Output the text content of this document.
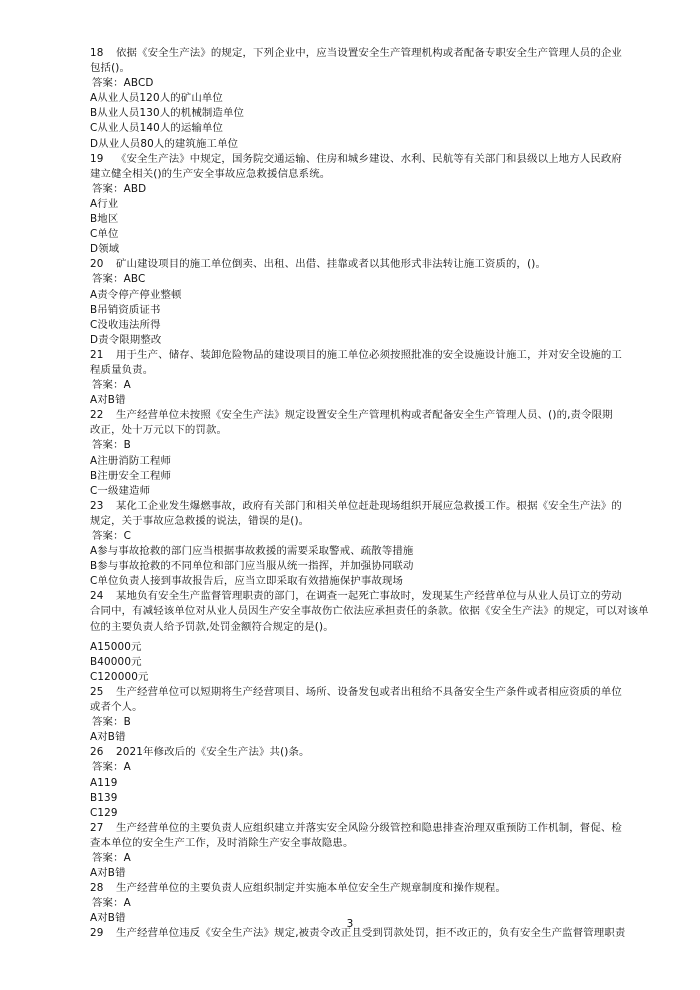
18 依据《安全生产法》的规定，下列企业中，应当设置安全生产管理机构或者配备专职安全生产管理人员的企业
包括()。
答案：ABCD
A从业人员120人的矿山单位
B从业人员130人的机械制造单位
C从业人员140人的运输单位
D从业人员80人的建筑施工单位
19 《安全生产法》中规定，国务院交通运输、住房和城乡建设、水利、民航等有关部门和县级以上地方人民政府
建立健全相关()的生产安全事故应急救援信息系统。
答案：ABD
A行业
B地区
C单位
D领域
20 矿山建设项目的施工单位倒卖、出租、出借、挂靠或者以其他形式非法转让施工资质的，()。
答案：ABC
A责令停产停业整顿
B吊销资质证书
C没收违法所得
D责令限期整改
21 用于生产、储存、装卸危险物品的建设项目的施工单位必须按照批准的安全设施设计施工，并对安全设施的工
程质量负责。
答案：A
A对B错
22 生产经营单位未按照《安全生产法》规定设置安全生产管理机构或者配备安全生产管理人员、()的,责令限期
改正，处十万元以下的罚款。
答案：B
A注册消防工程师
B注册安全工程师
C一级建造师
23 某化工企业发生爆燃事故，政府有关部门和相关单位赶赴现场组织开展应急救援工作。根据《安全生产法》的
规定，关于事故应急救援的说法，错误的是()。
答案：C
A参与事故抢救的部门应当根据事故救援的需要采取警戒、疏散等措施
B参与事故抢救的不同单位和部门应当服从统一指挥，并加强协同联动
C单位负责人接到事故报告后，应当立即采取有效措施保护事故现场
24 某地负有安全生产监督管理职责的部门，在调查一起死亡事故时，发现某生产经营单位与从业人员订立的劳动
合同中，有减轻该单位对从业人员因生产安全事故伤亡依法应承担责任的条款。依据《安全生产法》的规定，可以对该单
位的主要负责人给予罚款,处罚金额符合规定的是()。
A15000元
B40000元
C120000元
25 生产经营单位可以短期将生产经营项目、场所、设备发包或者出租给不具备安全生产条件或者相应资质的单位
或者个人。
答案：B
A对B错
26 2021年修改后的《安全生产法》共()条。
答案：A
A119
B139
C129
27 生产经营单位的主要负责人应组织建立并落实安全风险分级管控和隐患排查治理双重预防工作机制，督促、检
查本单位的安全生产工作，及时消除生产安全事故隐患。
答案：A
A对B错
28 生产经营单位的主要负责人应组织制定并实施本单位安全生产规章制度和操作规程。
答案：A
A对B错
29 生产经营单位违反《安全生产法》规定,被责令改正且受到罚款处罚，拒不改正的，负有安全生产监督管理职责
3
